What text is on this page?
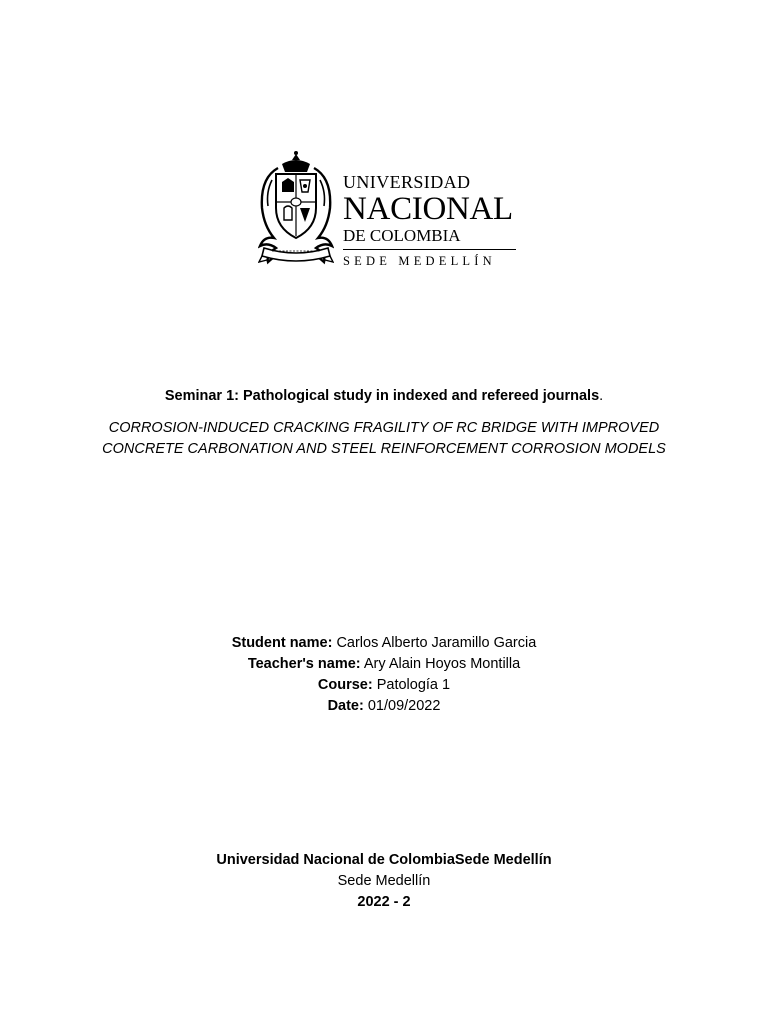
UNIVERSIDAD
NACIONAL
DE COLOMBIA
SEDE MEDELLÍN
Seminar 1: Pathological study in indexed and refereed journals.
CORROSION-INDUCED CRACKING FRAGILITY OF RC BRIDGE WITH IMPROVED CONCRETE CARBONATION AND STEEL REINFORCEMENT CORROSION MODELS
Student name: Carlos Alberto Jaramillo Garcia
Teacher's name: Ary Alain Hoyos Montilla
Course: Patología 1
Date: 01/09/2022
Universidad Nacional de ColombiaSede Medellín
Sede Medellín
2022 - 2
